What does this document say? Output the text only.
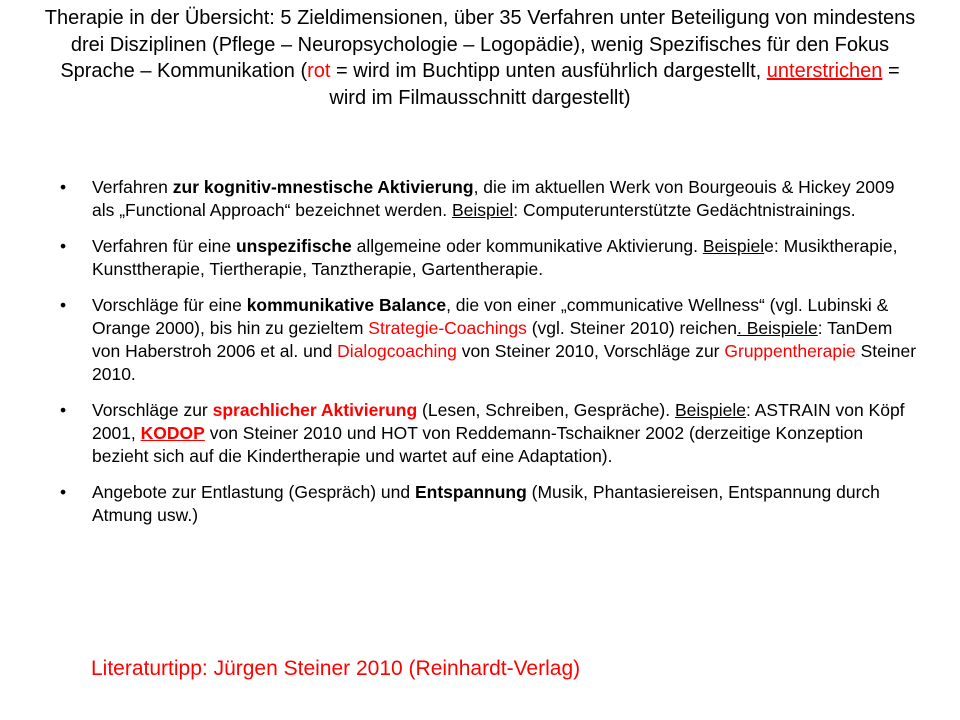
Therapie in der Übersicht: 5 Zieldimensionen, über 35 Verfahren unter Beteiligung von mindestens drei Disziplinen (Pflege – Neuropsychologie – Logopädie), wenig Spezifisches für den Fokus Sprache – Kommunikation (rot = wird im Buchtipp unten ausführlich dargestellt, unterstrichen = wird im Filmausschnitt dargestellt)
• Verfahren zur kognitiv-mnestische Aktivierung, die im aktuellen Werk von Bourgeouis & Hickey 2009 als „Functional Approach“ bezeichnet werden. Beispiel: Computerunterstützte Gedächtnistrainings.
• Verfahren für eine unspezifische allgemeine oder kommunikative Aktivierung. Beispiele: Musiktherapie, Kunsttherapie, Tiertherapie, Tanztherapie, Gartentherapie.
• Vorschläge für eine kommunikative Balance, die von einer „communicative Wellness“ (vgl. Lubinski & Orange 2000), bis hin zu gezieltem Strategie-Coachings (vgl. Steiner 2010) reichen. Beispiele: TanDem von Haberstroh 2006 et al. und Dialogcoaching von Steiner 2010, Vorschläge zur Gruppentherapie Steiner 2010.
• Vorschläge zur sprachlicher Aktivierung (Lesen, Schreiben, Gespräche). Beispiele: ASTRAIN von Köpf 2001, KODOP von Steiner 2010 und HOT von Reddemann-Tschaikner 2002 (derzeitige Konzeption bezieht sich auf die Kindertherapie und wartet auf eine Adaptation).
• Angebote zur Entlastung (Gespräch) und Entspannung (Musik, Phantasiereisen, Entspannung durch Atmung usw.)
Literaturtipp: Jürgen Steiner 2010 (Reinhardt-Verlag)
